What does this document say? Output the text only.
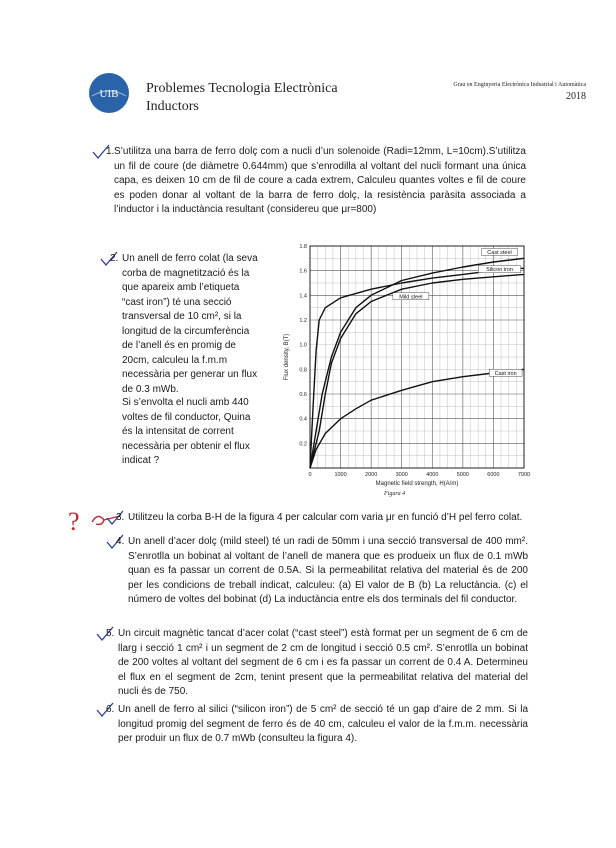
UIB Problemes Tecnologia Electrònica
Inductors
Grau en Enginyeria Electrònica Industrial i Automàtica
2018
1. S’utilitza una barra de ferro dolç com a nucli d’un solenoide (Radi=12mm, L=10cm).S’utilitza un fil de coure (de diàmetre 0.644mm) que s’enrodilla al voltant del nucli formant una única capa, es deixen 10 cm de fil de coure a cada extrem, Calculeu quantes voltes e fil de coure es poden donar al voltant de la barra de ferro dolç, la resistència paràsita associada a l’inductor i la inductància resultant (considereu que μr=800)
2. Un anell de ferro colat (la seva corba de magnetització és la que apareix amb l’etiqueta “cast iron”) té una secció transversal de 10 cm², si la longitud de la circumferència de l’anell és en promig de 20cm, calculeu la f.m.m necessària per generar un flux de 0.3 mWb.
Si s’envolta el nucli amb 440 voltes de fil conductor, Quina és la intensitat de corrent necessària per obtenir el flux indicat ?
0	1000	2000	3000	4000	5000	6000	7000
0.2
0.4
0.6
0.8
1.0
1.2
1.4
1.6
1.8
Magnetic field strength, H(A/m)
Flux density, B(T)
Cast steel
Silicon iron
Mild steel
Cast iron
Figura 4
?	3. Utilitzeu la corba B-H de la figura 4 per calcular com varia μr en funció d’H pel ferro colat.
4. Un anell d’acer dolç (mild steel) té un radi de 50mm i una secció transversal de 400 mm². S’enrotlla un bobinat al voltant de l’anell de manera que es produeix un flux de 0.1 mWb quan es fa passar un corrent de 0.5A. Si la permeabilitat relativa del material és de 200 per les condicions de treball indicat, calculeu: (a) El valor de B (b) La reluctància. (c) el número de voltes del bobinat (d) La inductància entre els dos terminals del fil conductor.
5. Un circuit magnètic tancat d’acer colat (“cast steel”) està format per un segment de 6 cm de llarg i secció 1 cm² i un segment de 2 cm de longitud i secció 0.5 cm². S’enrotlla un bobinat de 200 voltes al voltant del segment de 6 cm i es fa passar un corrent de 0.4 A. Determineu el flux en el segment de 2cm, tenint present que la permeabilitat relativa del material del nucli és de 750.
6. Un anell de ferro al silici (“silicon iron”) de 5 cm² de secció té un gap d’aire de 2 mm. Si la longitud promig del segment de ferro és de 40 cm, calculeu el valor de la f.m.m. necessària per produir un flux de 0.7 mWb (consulteu la figura 4).
